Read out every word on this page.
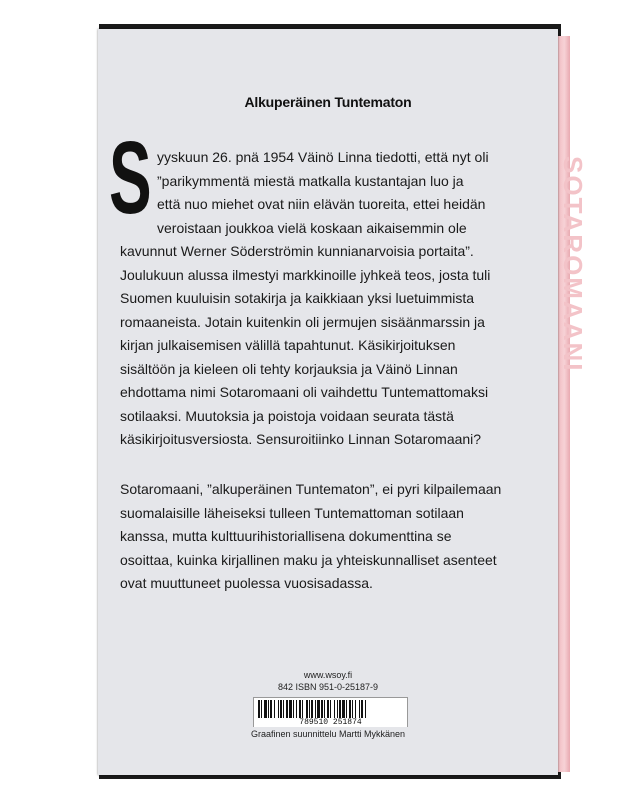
SOTAROMAANI
Alkuperäinen Tuntematon
S yyskuun 26. pnä 1954 Väinö Linna tiedotti, että nyt oli
”parikymmentä miestä matkalla kustantajan luo ja
että nuo miehet ovat niin elävän tuoreita, ettei heidän
veroistaan joukkoa vielä koskaan aikaisemmin ole
kavunnut Werner Söderströmin kunnianarvoisia portaita”.
Joulukuun alussa ilmestyi markkinoille jyhkeä teos, josta tuli
Suomen kuuluisin sotakirja ja kaikkiaan yksi luetuimmista
romaaneista. Jotain kuitenkin oli jermujen sisäänmarssin ja
kirjan julkaisemisen välillä tapahtunut. Käsikirjoituksen
sisältöön ja kieleen oli tehty korjauksia ja Väinö Linnan
ehdottama nimi Sotaromaani oli vaihdettu Tuntemattomaksi
sotilaaksi. Muutoksia ja poistoja voidaan seurata tästä
käsikirjoitusversiosta. Sensuroitiinko Linnan Sotaromaani?
Sotaromaani, ”alkuperäinen Tuntematon”, ei pyri kilpailemaan
suomalaisille läheiseksi tulleen Tuntemattoman sotilaan
kanssa, mutta kulttuurihistoriallisena dokumenttina se
osoittaa, kuinka kirjallinen maku ja yhteiskunnalliset asenteet
ovat muuttuneet puolessa vuosisadassa.
www.wsoy.fi
842 ISBN 951-0-25187-9
789510 251874
Graafinen suunnittelu Martti Mykkänen
